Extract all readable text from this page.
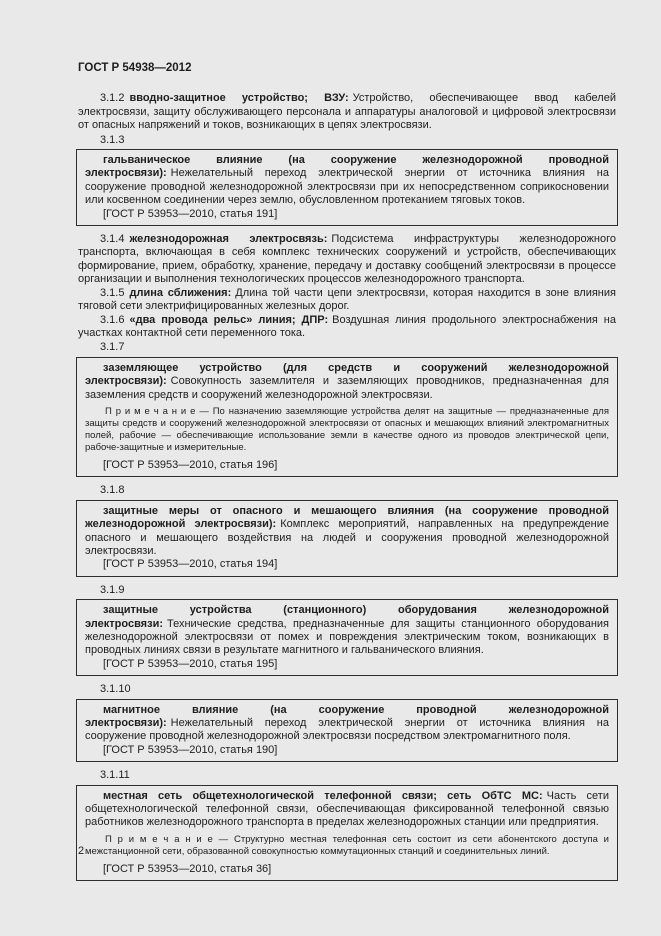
ГОСТ Р 54938—2012

3.1.2 вводно-защитное устройство; ВЗУ: Устройство, обеспечивающее ввод кабелей электросвязи, защиту обслуживающего персонала и аппаратуры аналоговой и цифровой электросвязи от опасных напряжений и токов, возникающих в цепях электросвязи.

3.1.3

гальваническое влияние (на сооружение железнодорожной проводной электросвязи): Нежелательный переход электрической энергии от источника влияния на сооружение проводной железнодорожной электросвязи при их непосредственном соприкосновении или косвенном соединении через землю, обусловленном протеканием тяговых токов.

[ГОСТ Р 53953—2010, статья 191]

3.1.4 железнодорожная электросвязь: Подсистема инфраструктуры железнодорожного транспорта, включающая в себя комплекс технических сооружений и устройств, обеспечивающих формирование, прием, обработку, хранение, передачу и доставку сообщений электросвязи в процессе организации и выполнения технологических процессов железнодорожного транспорта.

3.1.5 длина сближения: Длина той части цепи электросвязи, которая находится в зоне влияния тяговой сети электрифицированных железных дорог.

3.1.6 «два провода рельс» линия; ДПР: Воздушная линия продольного электроснабжения на участках контактной сети переменного тока.

3.1.7

заземляющее устройство (для средств и сооружений железнодорожной электросвязи): Совокупность заземлителя и заземляющих проводников, предназначенная для заземления средств и сооружений железнодорожной электросвязи.

П р и м е ч а н и е — По назначению заземляющие устройства делят на защитные — предназначенные для защиты средств и сооружений железнодорожной электросвязи от опасных и мешающих влияний электромагнитных полей, рабочие — обеспечивающие использование земли в качестве одного из проводов электрической цепи, рабоче-защитные и измерительные.

[ГОСТ Р 53953—2010, статья 196]

3.1.8

защитные меры от опасного и мешающего влияния (на сооружение проводной железнодорожной электросвязи): Комплекс мероприятий, направленных на предупреждение опасного и мешающего воздействия на людей и сооружения проводной железнодорожной электросвязи.

[ГОСТ Р 53953—2010, статья 194]

3.1.9

защитные устройства (станционного) оборудования железнодорожной электросвязи: Технические средства, предназначенные для защиты станционного оборудования железнодорожной электросвязи от помех и повреждения электрическим током, возникающих в проводных линиях связи в результате магнитного и гальванического влияния.

[ГОСТ Р 53953—2010, статья 195]

3.1.10

магнитное влияние (на сооружение проводной железнодорожной электросвязи): Нежелательный переход электрической энергии от источника влияния на сооружение проводной железнодорожной электросвязи посредством электромагнитного поля.

[ГОСТ Р 53953—2010, статья 190]

3.1.11

местная сеть общетехнологической телефонной связи; сеть ОбТС МС: Часть сети общетехнологической телефонной связи, обеспечивающая фиксированной телефонной связью работников железнодорожного транспорта в пределах железнодорожных станции или предприятия.

П р и м е ч а н и е — Структурно местная телефонная сеть состоит из сети абонентского доступа и межстанционной сети, образованной совокупностью коммутационных станций и соединительных линий.

[ГОСТ Р 53953—2010, статья 36]

2
